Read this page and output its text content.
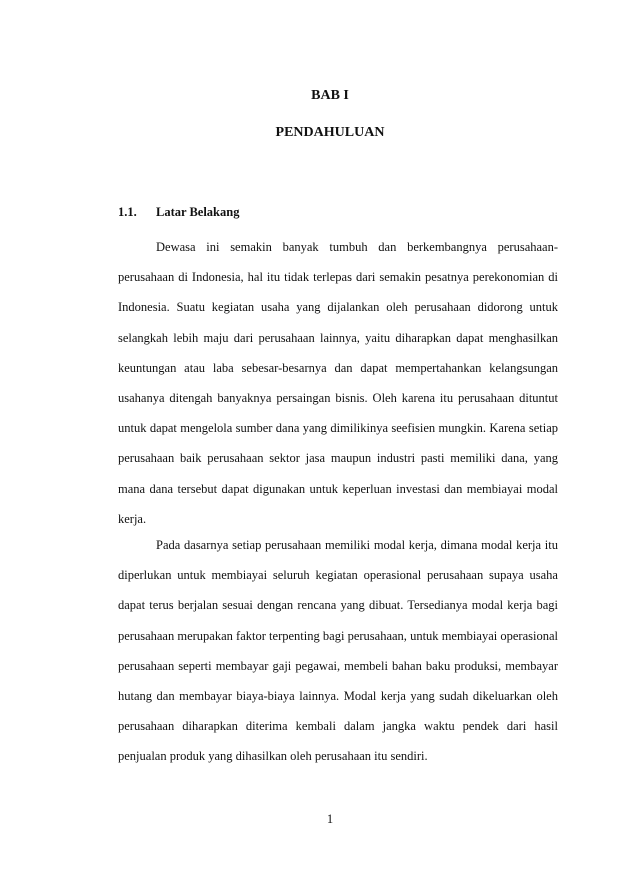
BAB I
PENDAHULUAN
1.1. Latar Belakang

Dewasa ini semakin banyak tumbuh dan berkembangnya perusahaan-perusahaan di Indonesia, hal itu tidak terlepas dari semakin pesatnya perekonomian di Indonesia. Suatu kegiatan usaha yang dijalankan oleh perusahaan didorong untuk selangkah lebih maju dari perusahaan lainnya, yaitu diharapkan dapat menghasilkan keuntungan atau laba sebesar-besarnya dan dapat mempertahankan kelangsungan usahanya ditengah banyaknya persaingan bisnis. Oleh karena itu perusahaan dituntut untuk dapat mengelola sumber dana yang dimilikinya seefisien mungkin. Karena setiap perusahaan baik perusahaan sektor jasa maupun industri pasti memiliki dana, yang mana dana tersebut dapat digunakan untuk keperluan investasi dan membiayai modal kerja.

Pada dasarnya setiap perusahaan memiliki modal kerja, dimana modal kerja itu diperlukan untuk membiayai seluruh kegiatan operasional perusahaan supaya usaha dapat terus berjalan sesuai dengan rencana yang dibuat. Tersedianya modal kerja bagi perusahaan merupakan faktor terpenting bagi perusahaan, untuk membiayai operasional perusahaan seperti membayar gaji pegawai, membeli bahan baku produksi, membayar hutang dan membayar biaya-biaya lainnya. Modal kerja yang sudah dikeluarkan oleh perusahaan diharapkan diterima kembali dalam jangka waktu pendek dari hasil penjualan produk yang dihasilkan oleh perusahaan itu sendiri.

1
